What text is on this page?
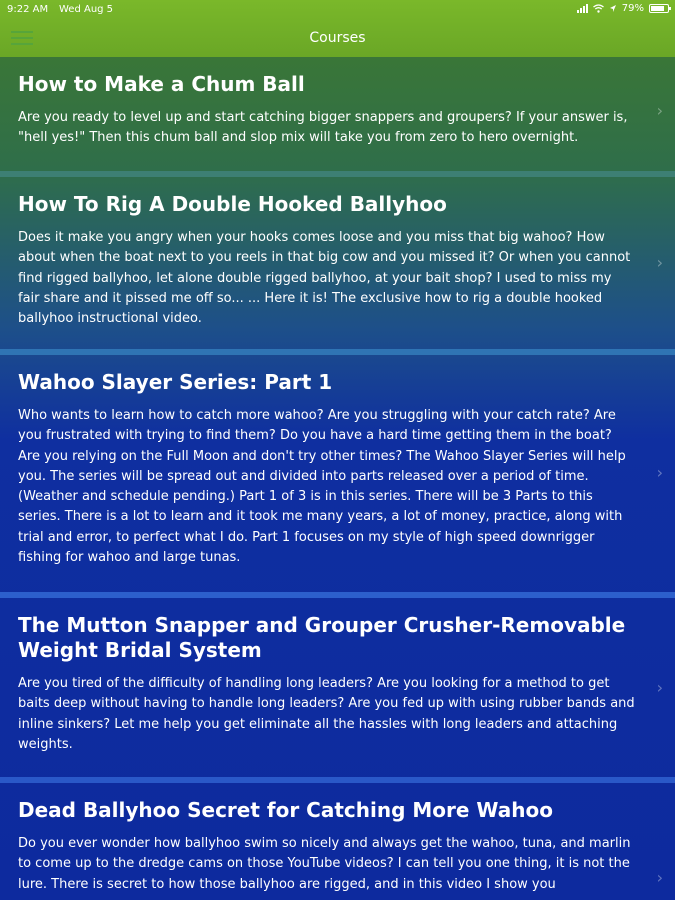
9:22 AM Wed Aug 5	79%
Courses
How to Make a Chum Ball

Are you ready to level up and start catching bigger snappers and groupers? If your answer is, "hell yes!" Then this chum ball and slop mix will take you from zero to hero overnight.

›
How To Rig A Double Hooked Ballyhoo

Does it make you angry when your hooks comes loose and you miss that big wahoo? How about when the boat next to you reels in that big cow and you missed it? Or when you cannot find rigged ballyhoo, let alone double rigged ballyhoo, at your bait shop? I used to miss my fair share and it pissed me off so... ... Here it is! The exclusive how to rig a double hooked ballyhoo instructional video.

›
Wahoo Slayer Series: Part 1

Who wants to learn how to catch more wahoo? Are you struggling with your catch rate? Are you frustrated with trying to find them? Do you have a hard time getting them in the boat? Are you relying on the Full Moon and don't try other times? The Wahoo Slayer Series will help you. The series will be spread out and divided into parts released over a period of time. (Weather and schedule pending.) Part 1 of 3 is in this series. There will be 3 Parts to this series. There is a lot to learn and it took me many years, a lot of money, practice, along with trial and error, to perfect what I do. Part 1 focuses on my style of high speed downrigger fishing for wahoo and large tunas.

›
The Mutton Snapper and Grouper Crusher-Removable Weight Bridal System

Are you tired of the difficulty of handling long leaders? Are you looking for a method to get baits deep without having to handle long leaders? Are you fed up with using rubber bands and inline sinkers? Let me help you get eliminate all the hassles with long leaders and attaching weights.

›
Dead Ballyhoo Secret for Catching More Wahoo

Do you ever wonder how ballyhoo swim so nicely and always get the wahoo, tuna, and marlin to come up to the dredge cams on those YouTube videos? I can tell you one thing, it is not the lure. There is secret to how those ballyhoo are rigged, and in this video I show you	›
